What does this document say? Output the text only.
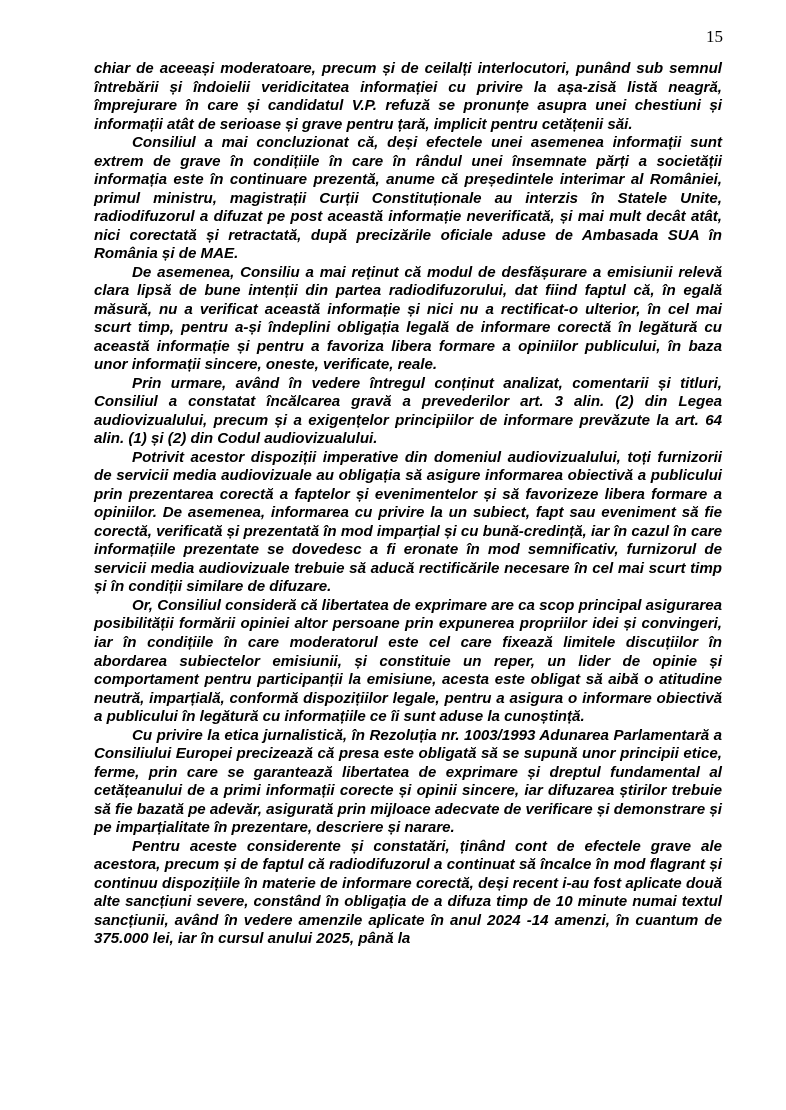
15

chiar de aceeași moderatoare, precum și de ceilalți interlocutori, punând sub semnul întrebării și îndoielii veridicitatea informației cu privire la așa-zisă listă neagră, împrejurare în care și candidatul V.P. refuză se pronunțe asupra unei chestiuni și informații atât de serioase și grave pentru țară, implicit pentru cetățenii săi.

Consiliul a mai concluzionat că, deși efectele unei asemenea informații sunt extrem de grave în condițiile în care în rândul unei însemnate părți a societății informația este în continuare prezentă, anume că președintele interimar al României, primul ministru, magistrații Curții Constituționale au interzis în Statele Unite, radiodifuzorul a difuzat pe post această informație neverificată, și mai mult decât atât, nici corectată și retractată, după precizările oficiale aduse de Ambasada SUA în România și de MAE.

De asemenea, Consiliu a mai reținut că modul de desfășurare a emisiunii relevă clara lipsă de bune intenții din partea radiodifuzorului, dat fiind faptul că, în egală măsură, nu a verificat această informație și nici nu a rectificat-o ulterior, în cel mai scurt timp, pentru a-și îndeplini obligația legală de informare corectă în legătură cu această informație și pentru a favoriza libera formare a opiniilor publicului, în baza unor informații sincere, oneste, verificate, reale.

Prin urmare, având în vedere întregul conținut analizat, comentarii și titluri, Consiliul a constatat încălcarea gravă a prevederilor art. 3 alin. (2) din Legea audiovizualului, precum și a exigențelor principiilor de informare prevăzute la art. 64 alin. (1) și (2) din Codul audiovizualului.

Potrivit acestor dispoziții imperative din domeniul audiovizualului, toți furnizorii de servicii media audiovizuale au obligația să asigure informarea obiectivă a publicului prin prezentarea corectă a faptelor și evenimentelor și să favorizeze libera formare a opiniilor. De asemenea, informarea cu privire la un subiect, fapt sau eveniment să fie corectă, verificată și prezentată în mod imparțial și cu bună-credință, iar în cazul în care informațiile prezentate se dovedesc a fi eronate în mod semnificativ, furnizorul de servicii media audiovizuale trebuie să aducă rectificările necesare în cel mai scurt timp și în condiții similare de difuzare.

Or, Consiliul consideră că libertatea de exprimare are ca scop principal asigurarea posibilității formării opiniei altor persoane prin expunerea propriilor idei și convingeri, iar în condițiile în care moderatorul este cel care fixează limitele discuțiilor în abordarea subiectelor emisiunii, și constituie un reper, un lider de opinie și comportament pentru participanții la emisiune, acesta este obligat să aibă o atitudine neutră, imparțială, conformă dispozițiilor legale, pentru a asigura o informare obiectivă a publicului în legătură cu informațiile ce îi sunt aduse la cunoștință.

Cu privire la etica jurnalistică, în Rezoluția nr. 1003/1993 Adunarea Parlamentară a Consiliului Europei precizează că presa este obligată să se supună unor principii etice, ferme, prin care se garantează libertatea de exprimare și dreptul fundamental al cetățeanului de a primi informații corecte și opinii sincere, iar difuzarea știrilor trebuie să fie bazată pe adevăr, asigurată prin mijloace adecvate de verificare și demonstrare și pe imparțialitate în prezentare, descriere și narare.

Pentru aceste considerente și constatări, ținând cont de efectele grave ale acestora, precum și de faptul că radiodifuzorul a continuat să încalce în mod flagrant și continuu dispozițiile în materie de informare corectă, deși recent i-au fost aplicate două alte sancțiuni severe, constând în obligația de a difuza timp de 10 minute numai textul sancțiunii, având în vedere amenzile aplicate în anul 2024 -14 amenzi, în cuantum de 375.000 lei, iar în cursul anului 2025, până la
